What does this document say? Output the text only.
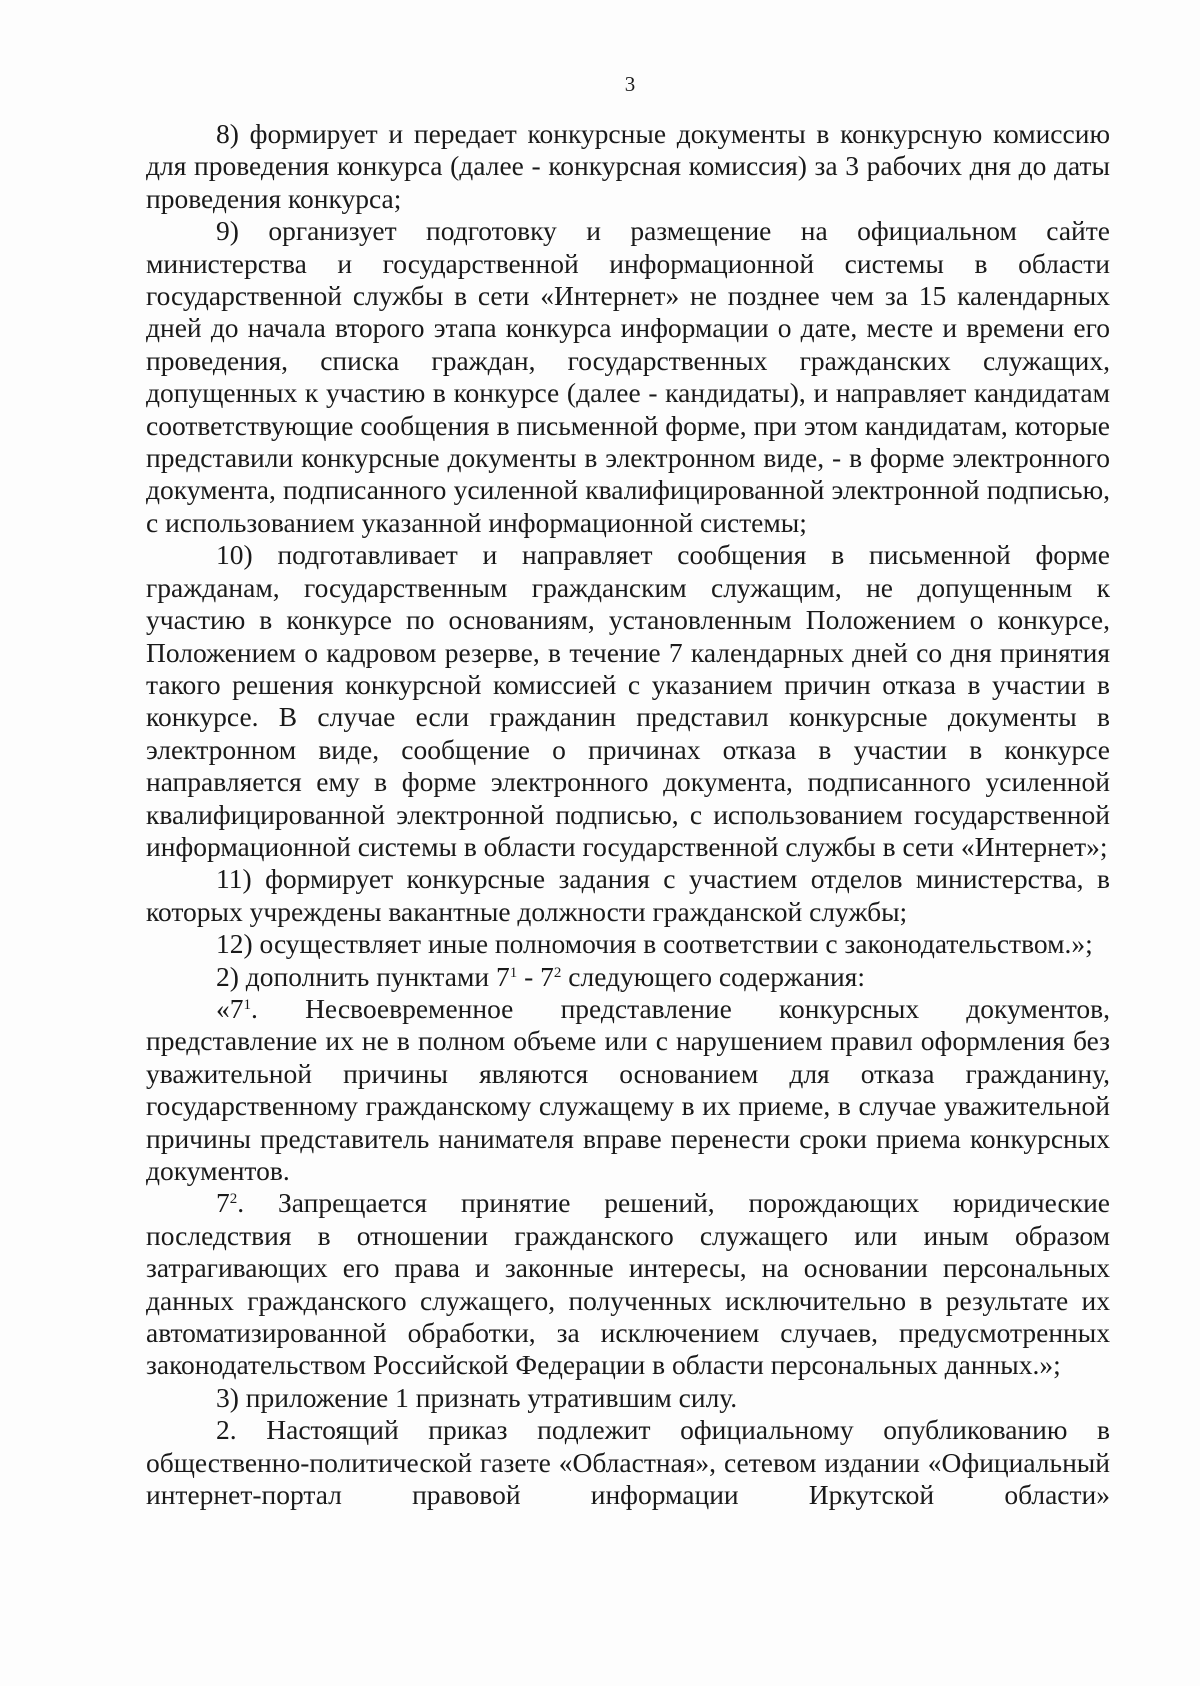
3

8) формирует и передает конкурсные документы в конкурсную комиссию для проведения конкурса (далее - конкурсная комиссия) за 3 рабочих дня до даты проведения конкурса;

9) организует подготовку и размещение на официальном сайте министерства и государственной информационной системы в области государственной службы в сети «Интернет» не позднее чем за 15 календарных дней до начала второго этапа конкурса информации о дате, месте и времени его проведения, списка граждан, государственных гражданских служащих, допущенных к участию в конкурсе (далее - кандидаты), и направляет кандидатам соответствующие сообщения в письменной форме, при этом кандидатам, которые представили конкурсные документы в электронном виде, - в форме электронного документа, подписанного усиленной квалифицированной электронной подписью, с использованием указанной информационной системы;

10) подготавливает и направляет сообщения в письменной форме гражданам, государственным гражданским служащим, не допущенным к участию в конкурсе по основаниям, установленным Положением о конкурсе, Положением о кадровом резерве, в течение 7 календарных дней со дня принятия такого решения конкурсной комиссией с указанием причин отказа в участии в конкурсе. В случае если гражданин представил конкурсные документы в электронном виде, сообщение о причинах отказа в участии в конкурсе направляется ему в форме электронного документа, подписанного усиленной квалифицированной электронной подписью, с использованием государственной информационной системы в области государственной службы в сети «Интернет»;

11) формирует конкурсные задания с участием отделов министерства, в которых учреждены вакантные должности гражданской службы;

12) осуществляет иные полномочия в соответствии с законодательством.»;

2) дополнить пунктами $7^1 - 7^2$ следующего содержания:

«$7^1$. Несвоевременное представление конкурсных документов, представление их не в полном объеме или с нарушением правил оформления без уважительной причины являются основанием для отказа гражданину, государственному гражданскому служащему в их приеме, в случае уважительной причины представитель нанимателя вправе перенести сроки приема конкурсных документов.

$7^2$. Запрещается принятие решений, порождающих юридические последствия в отношении гражданского служащего или иным образом затрагивающих его права и законные интересы, на основании персональных данных гражданского служащего, полученных исключительно в результате их автоматизированной обработки, за исключением случаев, предусмотренных законодательством Российской Федерации в области персональных данных.»;

3) приложение 1 признать утратившим силу.

2. Настоящий приказ подлежит официальному опубликованию в общественно-политической газете «Областная», сетевом издании «Официальный интернет-портал правовой информации Иркутской области»
